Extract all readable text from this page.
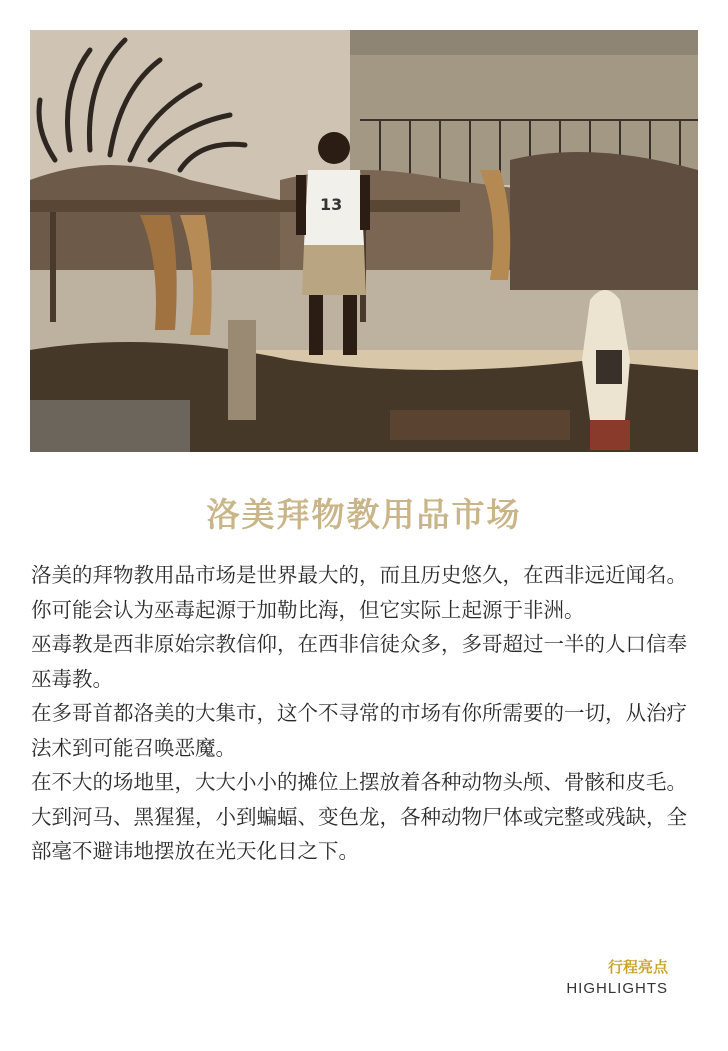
13
洛美拜物教用品市场

洛美的拜物教用品市场是世界最大的，而且历史悠久，在西非远近闻名。

你可能会认为巫毒起源于加勒比海，但它实际上起源于非洲。

巫毒教是西非原始宗教信仰，在西非信徒众多，多哥超过一半的人口信奉巫毒教。

在多哥首都洛美的大集市，这个不寻常的市场有你所需要的一切，从治疗法术到可能召唤恶魔。

在不大的场地里，大大小小的摊位上摆放着各种动物头颅、骨骸和皮毛。大到河马、黑猩猩，小到蝙蝠、变色龙，各种动物尸体或完整或残缺，全部毫不避讳地摆放在光天化日之下。

行程亮点
HIGHLIGHTS
